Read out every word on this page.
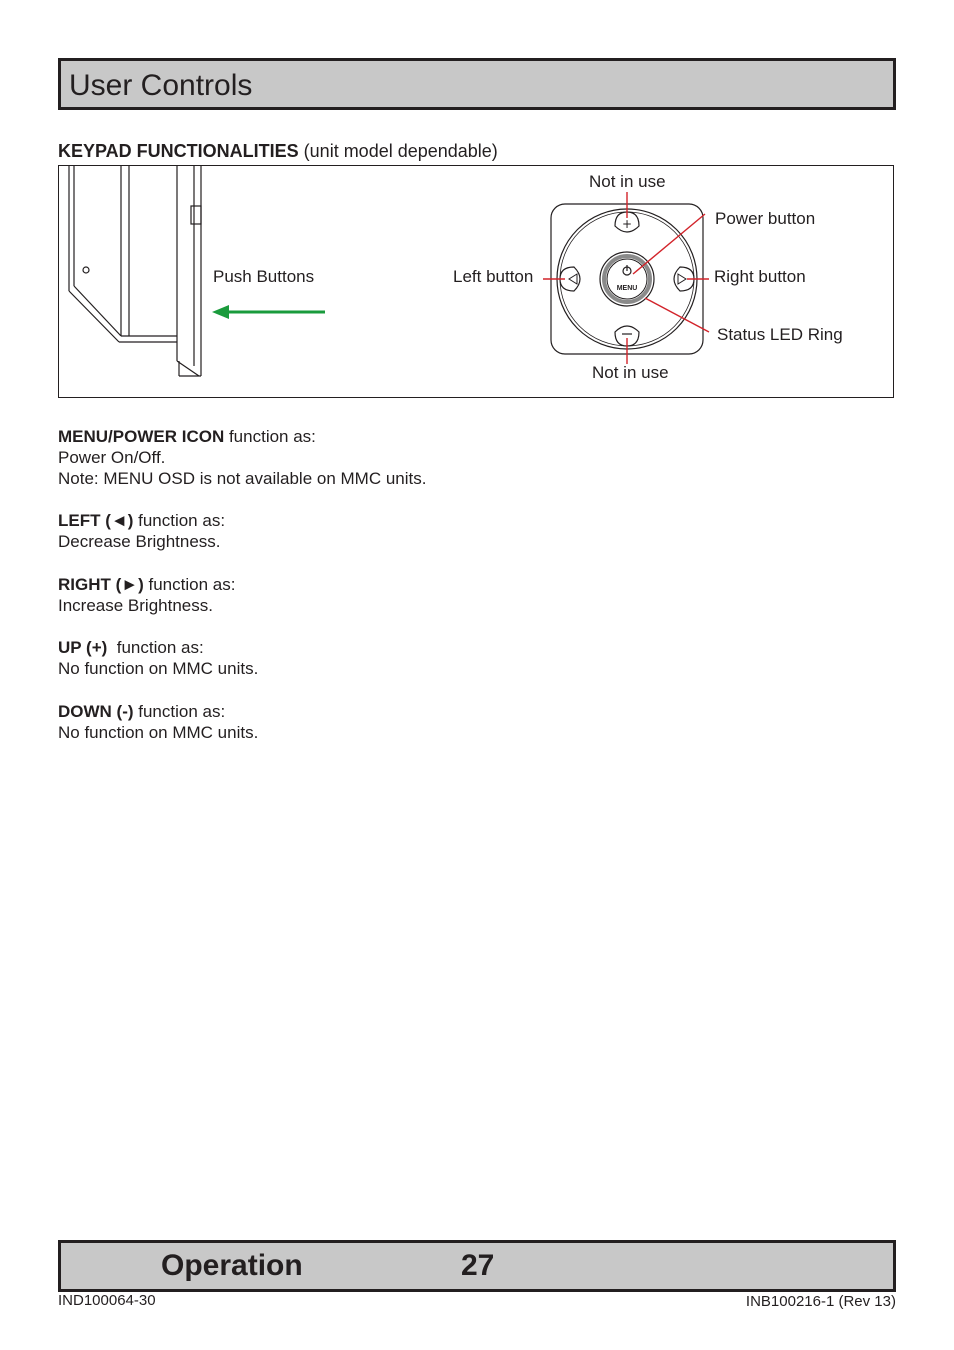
User Controls
KEYPAD FUNCTIONALITIES (unit model dependable)
+
MENU
Push Buttons
Not in use
Power button
Left button	Right button
Status LED Ring
Not in use
MENU/POWER ICON function as:
Power On/Off.
Note: MENU OSD is not available on MMC units.
LEFT (◄) function as:
Decrease Brightness.
RIGHT (►) function as:
Increase Brightness.
UP (+)  function as:
No function on MMC units.
DOWN (-) function as:
No function on MMC units.
Operation	27
IND100064-30	INB100216-1 (Rev 13)
